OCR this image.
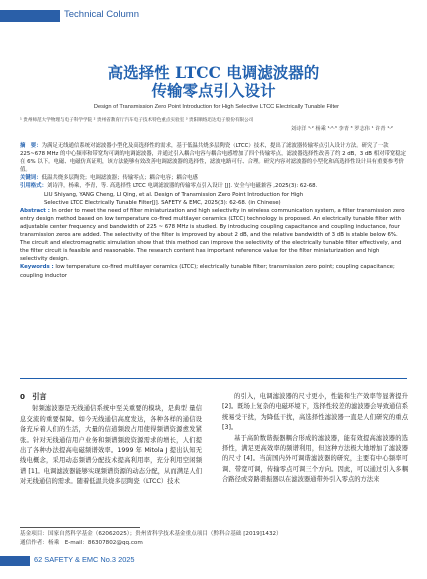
Technical Column
高选择性 LTCC 电调滤波器的
传输零点引入设计
Design of Transmission Zero Point Introduction for High Selective LTCC Electrically Tunable Filter
¹ 贵州师范大学物理与电子科学学院 ² 贵州省教育厅汽车电子技术特色重点实验室 ³ 贵阳顺络迅达电子股份有限公司
刘诗洋 ¹˒² 杨乘 ¹˒²˒³ 李青 ³ 罗志伟 ¹ 许青 ¹˒²

摘　要：为满足无线通信系统对滤波器小型化及高选择性的需求，基于低温共烧多层陶瓷（LTCC）技术，提出了滤波器传输零点引入设计方法。研究了一款 225~678 MHz 的中心频率和带宽均可调的电调滤波器，并通过引入耦合电容与耦合电感增加了四个传输零点，滤波器选择性改善了约 2 dB，3 dB 相对带宽稳定在 6% 以下。电磁、电磁仿真证明，该方法能够有效改善电调滤波器的选择性，滤波电路可行、合理。研究内容对滤波器的小型化和高选择性设计具有重要参考价值。

关键词：低温共烧多层陶瓷；电调滤波器；传输零点；耦合电容；耦合电感

引用格式：刘诗洋，杨乘，李青，等. 高选择性 LTCC 电调滤波器的传输零点引入设计 [J]. 安全与电磁兼容 ,2025(3): 62-68.

LIU Shiyang, YANG Cheng, LI Qing, et al. Design of Transmission Zero Point Introduction for High

Selective LTCC Electrically Tunable Filter[J]. SAFETY & EMC, 2025(3): 62-68. (in Chinese)

Abstract : In order to meet the need of filter miniaturization and high selectivity in wireless communication system, a filter transmission zero entry design method based on low temperature co-fired multilayer ceramics (LTCC) technology is proposed. An electrically tunable filter with adjustable center frequency and bandwidth of 225 ~ 678 MHz is studied. By introducing coupling capacitance and coupling inductance, four transmission zeros are added. The selectivity of the filter is improved by about 2 dB, and the relative bandwidth of 3 dB is stable below 6%. The circuit and electromagnetic simulation show that this method can improve the selectivity of the electrically tunable filter effectively, and the filter circuit is feasible and reasonable. The research content has important reference value for the filter miniaturization and high selectivity design.

Keywords : low temperature co-fired multilayer ceramics (LTCC); electrically tunable filter; transmission zero point; coupling capacitance; coupling inductor

0　引言

射频滤波器是无线通信系统中至关重要的模块，是典型 量信息交流的重要保障。如今无线通信高度发达，各种各样的通信设备充斥着人们的生活，大量的信道频段占用使得频谱资源愈发紧张。针对无线通信用户业务和频谱频段资源需求的增长，人们提出了各种办法提高电磁频谱效率。1999 年 Mitola J 提出认知无线电概念，采用动态频谱分配技术提高利用率，充分利用空闲频谱 [1]。电调滤波器能够实现频谱资源的动态分配，从而满足人们对无线通信的需求。随着低温共烧多层陶瓷（LTCC）技术

的引入，电调滤波器的尺寸更小，性能和生产效率等显著提升 [2]。既场上复杂的电磁环境下，选择性较差的滤波器会导致通信系统易受干扰，为降低干扰，高选择性滤波器一直是人们研究的重点 [3]。

基于高阶数谐振器耦合形成的滤波器，能有效提高滤波器的选择性，满足更高效率的频谱利用，但这种方法极大地增加了滤波器的尺寸 [4]。当前国内外可调谐滤波器的研究，主要有中心频率可调、带宽可调，传输零点可调三个方向。因此，可以通过引入多耦合路径或旁路谐振器以在滤波器通带外引入零点的方法来

基金项目：国家自然科学基金（62062025）；贵州省科学技术基金重点项目（黔科合基础 [2019]1432）
通信作者：杨乘　E-mail：86307802@qq.com
62 SAFETY & EMC No.3 2025
